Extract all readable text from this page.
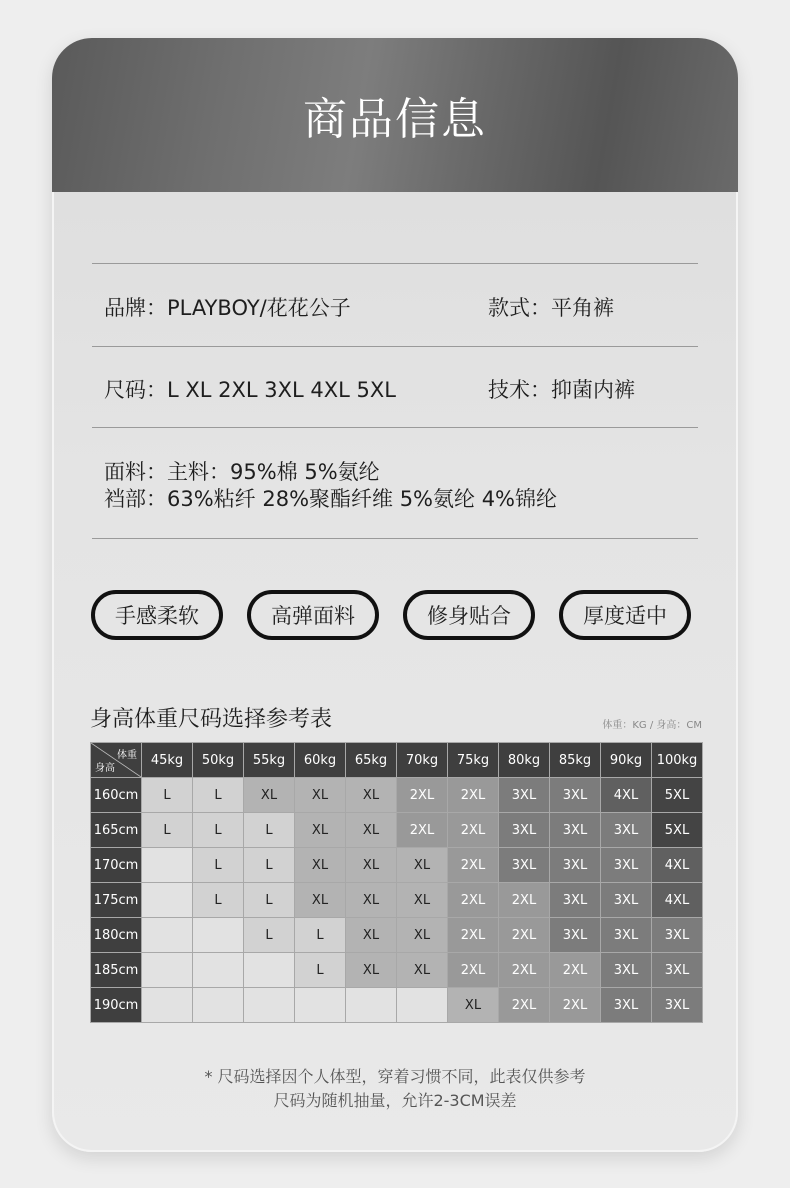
商品信息
品牌：PLAYBOY/花花公子	款式：平角裤
尺码：L XL 2XL 3XL 4XL 5XL	技术：抑菌内裤
面料：主料：95%棉 5%氨纶
裆部：63%粘纤 28%聚酯纤维 5%氨纶 4%锦纶
手感柔软	高弹面料	修身贴合	厚度适中
身高体重尺码选择参考表	体重：KG / 身高：CM
体重
身高	45kg	50kg	55kg	60kg	65kg	70kg	75kg	80kg	85kg	90kg	100kg
160cm	L	L	XL	XL	XL	2XL	2XL	3XL	3XL	4XL	5XL
165cm	L	L	L	XL	XL	2XL	2XL	3XL	3XL	3XL	5XL
170cm		L	L	XL	XL	XL	2XL	3XL	3XL	3XL	4XL
175cm		L	L	XL	XL	XL	2XL	2XL	3XL	3XL	4XL
180cm			L	L	XL	XL	2XL	2XL	3XL	3XL	3XL
185cm				L	XL	XL	2XL	2XL	2XL	3XL	3XL
190cm							XL	2XL	2XL	3XL	3XL
* 尺码选择因个人体型，穿着习惯不同，此表仅供参考
尺码为随机抽量，允许2-3CM误差
